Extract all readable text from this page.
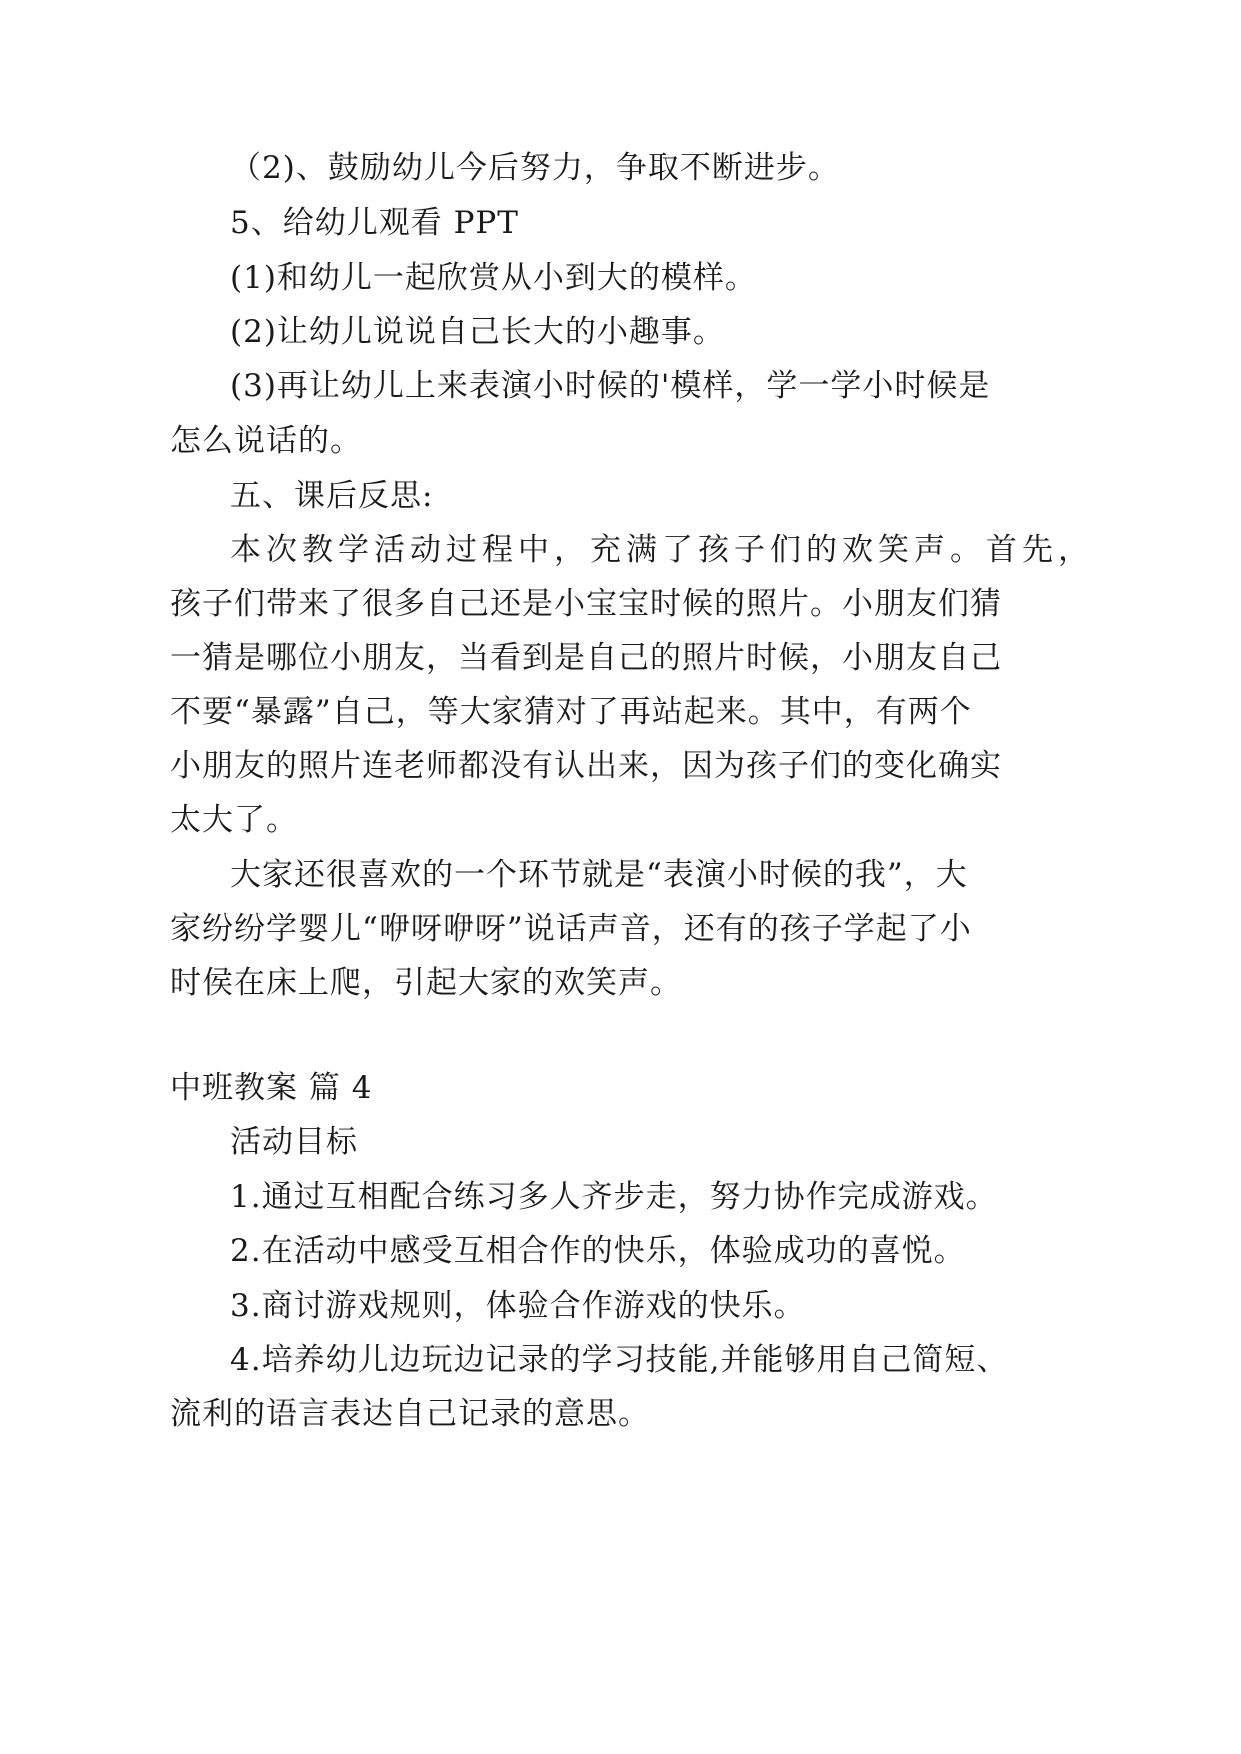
（2)、鼓励幼儿今后努力，争取不断进步。
5、给幼儿观看 PPT
(1)和幼儿一起欣赏从小到大的模样。
(2)让幼儿说说自己长大的小趣事。
(3)再让幼儿上来表演小时候的'模样，学一学小时候是
怎么说话的。
五、课后反思:
本次教学活动过程中，充满了孩子们的欢笑声。首先，
孩子们带来了很多自己还是小宝宝时候的照片。小朋友们猜
一猜是哪位小朋友，当看到是自己的照片时候，小朋友自己
不要“暴露”自己，等大家猜对了再站起来。其中，有两个
小朋友的照片连老师都没有认出来，因为孩子们的变化确实
太大了。
大家还很喜欢的一个环节就是“表演小时候的我”，大
家纷纷学婴儿“咿呀咿呀”说话声音，还有的孩子学起了小
时侯在床上爬，引起大家的欢笑声。
中班教案 篇 4
活动目标
1.通过互相配合练习多人齐步走，努力协作完成游戏。
2.在活动中感受互相合作的快乐，体验成功的喜悦。
3.商讨游戏规则，体验合作游戏的快乐。
4.培养幼儿边玩边记录的学习技能,并能够用自己简短、
流利的语言表达自己记录的意思。
